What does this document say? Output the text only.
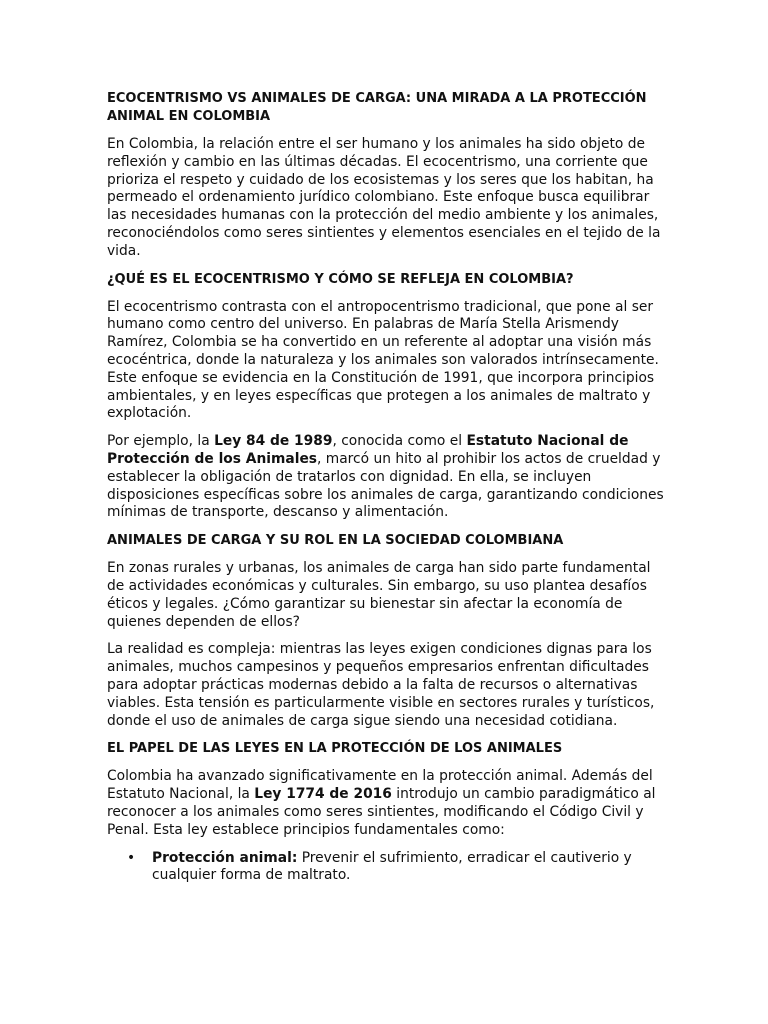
ECOCENTRISMO VS ANIMALES DE CARGA: UNA MIRADA A LA PROTECCIÓN ANIMAL EN COLOMBIA

En Colombia, la relación entre el ser humano y los animales ha sido objeto de reflexión y cambio en las últimas décadas. El ecocentrismo, una corriente que prioriza el respeto y cuidado de los ecosistemas y los seres que los habitan, ha permeado el ordenamiento jurídico colombiano. Este enfoque busca equilibrar las necesidades humanas con la protección del medio ambiente y los animales, reconociéndolos como seres sintientes y elementos esenciales en el tejido de la vida.

¿QUÉ ES EL ECOCENTRISMO Y CÓMO SE REFLEJA EN COLOMBIA?

El ecocentrismo contrasta con el antropocentrismo tradicional, que pone al ser humano como centro del universo. En palabras de María Stella Arismendy Ramírez, Colombia se ha convertido en un referente al adoptar una visión más ecocéntrica, donde la naturaleza y los animales son valorados intrínsecamente. Este enfoque se evidencia en la Constitución de 1991, que incorpora principios ambientales, y en leyes específicas que protegen a los animales de maltrato y explotación.

Por ejemplo, la Ley 84 de 1989, conocida como el Estatuto Nacional de Protección de los Animales, marcó un hito al prohibir los actos de crueldad y establecer la obligación de tratarlos con dignidad. En ella, se incluyen disposiciones específicas sobre los animales de carga, garantizando condiciones mínimas de transporte, descanso y alimentación.

ANIMALES DE CARGA Y SU ROL EN LA SOCIEDAD COLOMBIANA

En zonas rurales y urbanas, los animales de carga han sido parte fundamental de actividades económicas y culturales. Sin embargo, su uso plantea desafíos éticos y legales. ¿Cómo garantizar su bienestar sin afectar la economía de quienes dependen de ellos?

La realidad es compleja: mientras las leyes exigen condiciones dignas para los animales, muchos campesinos y pequeños empresarios enfrentan dificultades para adoptar prácticas modernas debido a la falta de recursos o alternativas viables. Esta tensión es particularmente visible en sectores rurales y turísticos, donde el uso de animales de carga sigue siendo una necesidad cotidiana.

EL PAPEL DE LAS LEYES EN LA PROTECCIÓN DE LOS ANIMALES

Colombia ha avanzado significativamente en la protección animal. Además del Estatuto Nacional, la Ley 1774 de 2016 introdujo un cambio paradigmático al reconocer a los animales como seres sintientes, modificando el Código Civil y Penal. Esta ley establece principios fundamentales como:

• Protección animal: Prevenir el sufrimiento, erradicar el cautiverio y cualquier forma de maltrato.
